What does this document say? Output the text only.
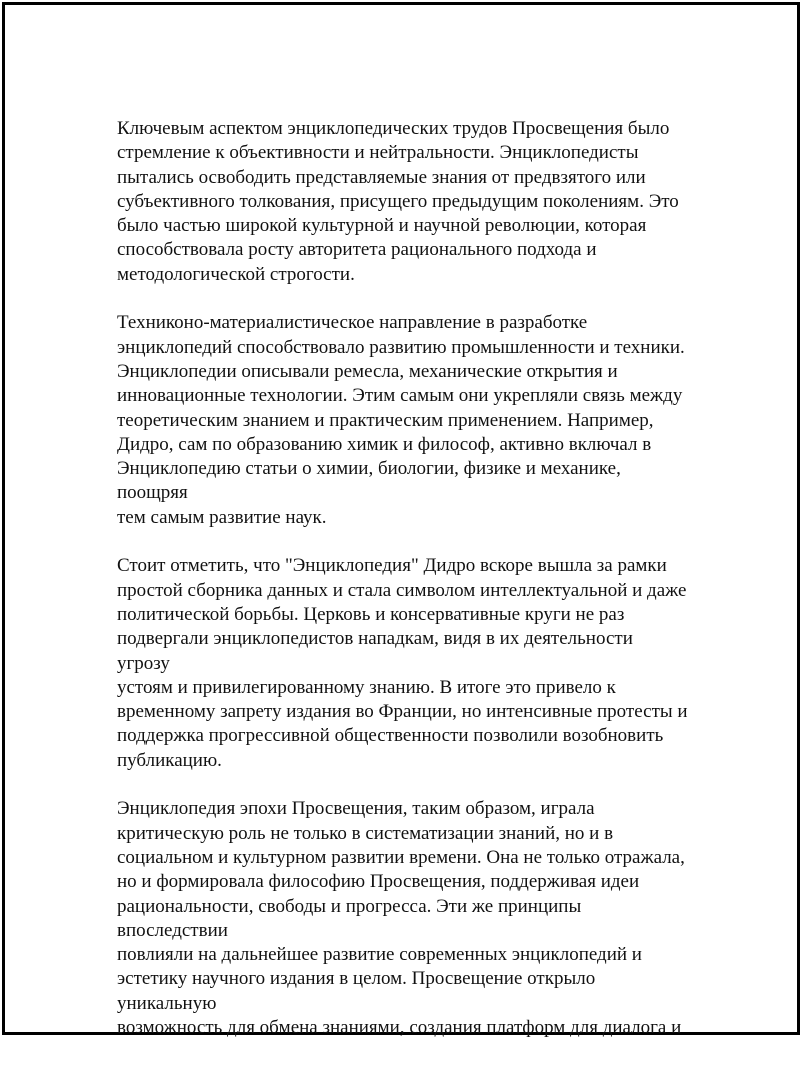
Ключевым аспектом энциклопедических трудов Просвещения было
стремление к объективности и нейтральности. Энциклопедисты
пытались освободить представляемые знания от предвзятого или
субъективного толкования, присущего предыдущим поколениям. Это
было частью широкой культурной и научной революции, которая
способствовала росту авторитета рационального подхода и
методологической строгости.

Техниконо-материалистическое направление в разработке
энциклопедий способствовало развитию промышленности и техники.
Энциклопедии описывали ремесла, механические открытия и
инновационные технологии. Этим самым они укрепляли связь между
теоретическим знанием и практическим применением. Например,
Дидро, сам по образованию химик и философ, активно включал в
Энциклопедию статьи о химии, биологии, физике и механике, поощряя
тем самым развитие наук.

Стоит отметить, что "Энциклопедия" Дидро вскоре вышла за рамки
простой сборника данных и стала символом интеллектуальной и даже
политической борьбы. Церковь и консервативные круги не раз
подвергали энциклопедистов нападкам, видя в их деятельности угрозу
устоям и привилегированному знанию. В итоге это привело к
временному запрету издания во Франции, но интенсивные протесты и
поддержка прогрессивной общественности позволили возобновить
публикацию.

Энциклопедия эпохи Просвещения, таким образом, играла
критическую роль не только в систематизации знаний, но и в
социальном и культурном развитии времени. Она не только отражала,
но и формировала философию Просвещения, поддерживая идеи
рациональности, свободы и прогресса. Эти же принципы впоследствии
повлияли на дальнейшее развитие современных энциклопедий и
эстетику научного издания в целом. Просвещение открыло уникальную
возможность для обмена знаниями, создания платформ для диалога и
